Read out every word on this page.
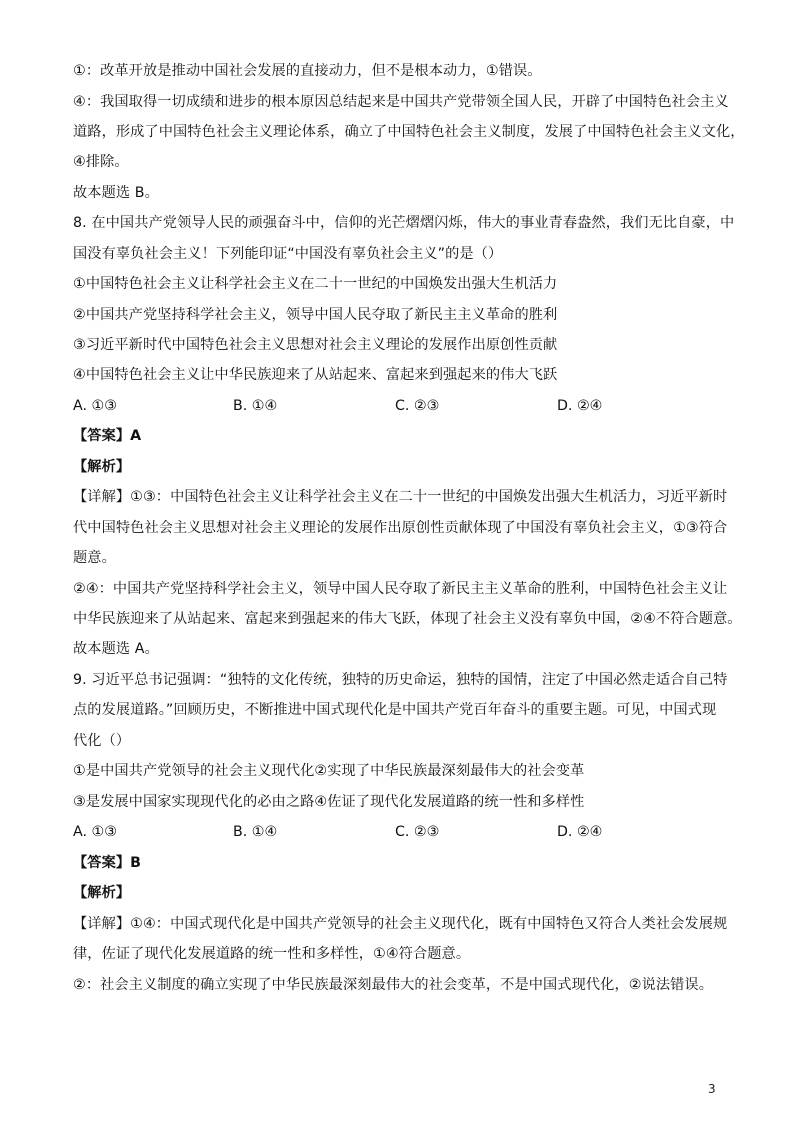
①：改革开放是推动中国社会发展的直接动力，但不是根本动力，①错误。
④：我国取得一切成绩和进步的根本原因总结起来是中国共产党带领全国人民，开辟了中国特色社会主义
道路，形成了中国特色社会主义理论体系，确立了中国特色社会主义制度，发展了中国特色社会主义文化，
④排除。
故本题选 B。
8. 在中国共产党领导人民的顽强奋斗中，信仰的光芒熠熠闪烁，伟大的事业青春盎然，我们无比自豪，中
国没有辜负社会主义！下列能印证“中国没有辜负社会主义”的是（）
①中国特色社会主义让科学社会主义在二十一世纪的中国焕发出强大生机活力
②中国共产党坚持科学社会主义，领导中国人民夺取了新民主主义革命的胜利
③习近平新时代中国特色社会主义思想对社会主义理论的发展作出原创性贡献
④中国特色社会主义让中华民族迎来了从站起来、富起来到强起来的伟大飞跃
A. ①③	B. ①④	C. ②③	D. ②④
【答案】A
【解析】
【详解】①③：中国特色社会主义让科学社会主义在二十一世纪的中国焕发出强大生机活力，习近平新时
代中国特色社会主义思想对社会主义理论的发展作出原创性贡献体现了中国没有辜负社会主义，①③符合
题意。
②④：中国共产党坚持科学社会主义，领导中国人民夺取了新民主主义革命的胜利，中国特色社会主义让
中华民族迎来了从站起来、富起来到强起来的伟大飞跃，体现了社会主义没有辜负中国，②④不符合题意。
故本题选 A。
9. 习近平总书记强调：“独特的文化传统，独特的历史命运，独特的国情，注定了中国必然走适合自己特
点的发展道路。”回顾历史，不断推进中国式现代化是中国共产党百年奋斗的重要主题。可见，中国式现
代化（）
①是中国共产党领导的社会主义现代化②实现了中华民族最深刻最伟大的社会变革
③是发展中国家实现现代化的必由之路④佐证了现代化发展道路的统一性和多样性
A. ①③	B. ①④	C. ②③	D. ②④
【答案】B
【解析】
【详解】①④：中国式现代化是中国共产党领导的社会主义现代化，既有中国特色又符合人类社会发展规
律，佐证了现代化发展道路的统一性和多样性，①④符合题意。
②：社会主义制度的确立实现了中华民族最深刻最伟大的社会变革，不是中国式现代化，②说法错误。
3
